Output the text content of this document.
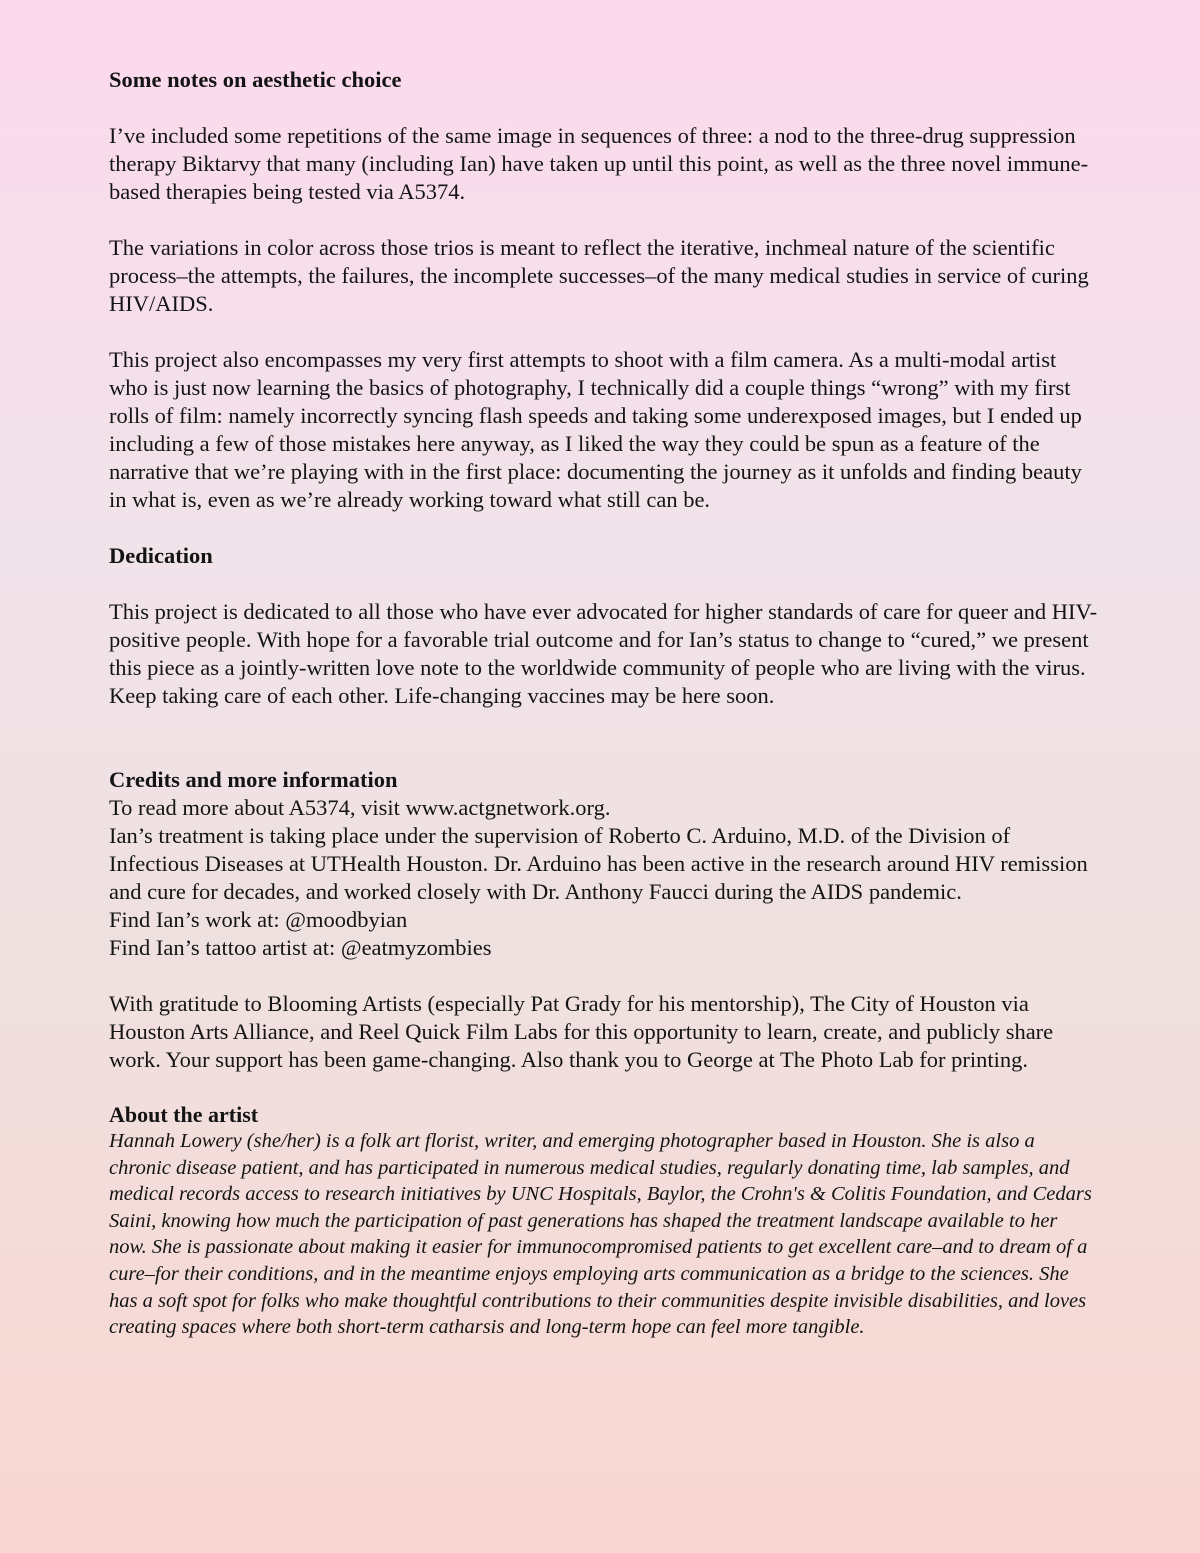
Some notes on aesthetic choice

I’ve included some repetitions of the same image in sequences of three: a nod to the three-drug suppression therapy Biktarvy that many (including Ian) have taken up until this point, as well as the three novel immune-based therapies being tested via A5374.

The variations in color across those trios is meant to reflect the iterative, inchmeal nature of the scientific process–the attempts, the failures, the incomplete successes–of the many medical studies in service of curing HIV/AIDS.

This project also encompasses my very first attempts to shoot with a film camera. As a multi-modal artist who is just now learning the basics of photography, I technically did a couple things “wrong” with my first rolls of film: namely incorrectly syncing flash speeds and taking some underexposed images, but I ended up including a few of those mistakes here anyway, as I liked the way they could be spun as a feature of the narrative that we’re playing with in the first place: documenting the journey as it unfolds and finding beauty in what is, even as we’re already working toward what still can be.

Dedication

This project is dedicated to all those who have ever advocated for higher standards of care for queer and HIV-positive people. With hope for a favorable trial outcome and for Ian’s status to change to “cured,” we present this piece as a jointly-written love note to the worldwide community of people who are living with the virus. Keep taking care of each other. Life-changing vaccines may be here soon.

Credits and more information

To read more about A5374, visit www.actgnetwork.org.

Ian’s treatment is taking place under the supervision of Roberto C. Arduino, M.D. of the Division of Infectious Diseases at UTHealth Houston. Dr. Arduino has been active in the research around HIV remission and cure for decades, and worked closely with Dr. Anthony Faucci during the AIDS pandemic.

Find Ian’s work at: @moodbyian

Find Ian’s tattoo artist at: @eatmyzombies

With gratitude to Blooming Artists (especially Pat Grady for his mentorship), The City of Houston via Houston Arts Alliance, and Reel Quick Film Labs for this opportunity to learn, create, and publicly share work. Your support has been game-changing. Also thank you to George at The Photo Lab for printing.

About the artist

Hannah Lowery (she/her) is a folk art florist, writer, and emerging photographer based in Houston. She is also a chronic disease patient, and has participated in numerous medical studies, regularly donating time, lab samples, and medical records access to research initiatives by UNC Hospitals, Baylor, the Crohn's & Colitis Foundation, and Cedars Saini, knowing how much the participation of past generations has shaped the treatment landscape available to her now. She is passionate about making it easier for immunocompromised patients to get excellent care–and to dream of a cure–for their conditions, and in the meantime enjoys employing arts communication as a bridge to the sciences. She has a soft spot for folks who make thoughtful contributions to their communities despite invisible disabilities, and loves creating spaces where both short-term catharsis and long-term hope can feel more tangible.
